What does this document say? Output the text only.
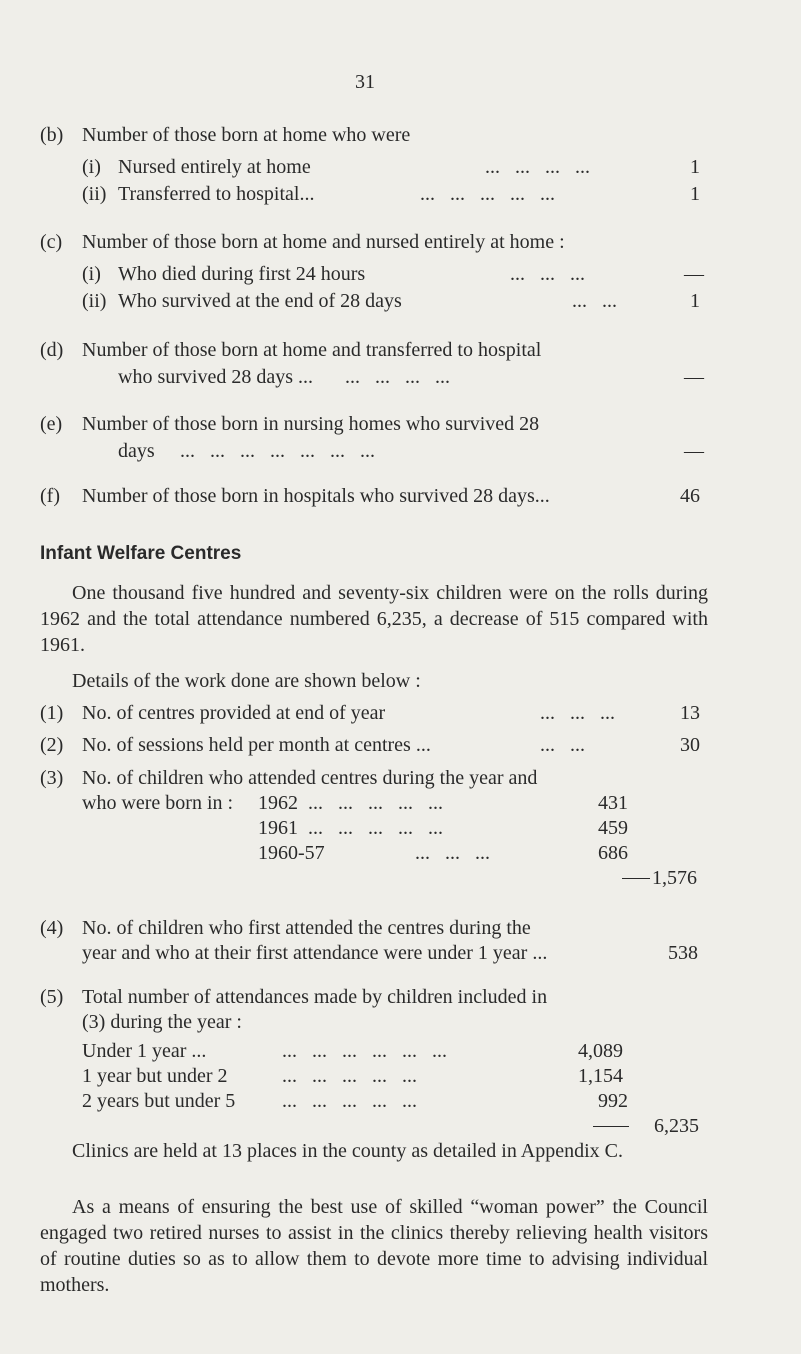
31
(b) Number of those born at home who were
(i) Nursed entirely at home	...   ...   ...   ...	1
(ii) Transferred to hospital...	...   ...   ...   ...   ...	1
(c) Number of those born at home and nursed entirely at home :
(i) Who died during first 24 hours	...   ...   ...	—
(ii) Who survived at the end of 28 days	...   ...	1
(d) Number of those born at home and transferred to hospital
who survived 28 days ... ...   ...   ...   ...	—
(e) Number of those born in nursing homes who survived 28
days ...   ...   ...   ...   ...   ...   ...	—
(f) Number of those born in hospitals who survived 28 days...	46
Infant Welfare Centres
One thousand five hundred and seventy-six children were on the rolls during 1962 and the total attendance numbered 6,235, a decrease of 515 compared with 1961.
Details of the work done are shown below :
(1) No. of centres provided at end of year	...   ...   ...	13
(2) No. of sessions held per month at centres ...	...   ...	30
(3) No. of children who attended centres during the year and
who were born in : 1962 ...   ...   ...   ...   ...	431
1961 ...   ...   ...   ...   ...	459
1960-57	...   ...   ...	686
1,576
(4) No. of children who first attended the centres during the
year and who at their first attendance were under 1 year ...	538
(5) Total number of attendances made by children included in
(3) during the year :
Under 1 year ...	...   ...   ...   ...   ...   ...	4,089
1 year but under 2	...   ...   ...   ...   ...	1,154
2 years but under 5 ...   ...   ...   ...   ...	992
6,235
Clinics are held at 13 places in the county as detailed in Appendix C.
As a means of ensuring the best use of skilled “woman power” the Council engaged two retired nurses to assist in the clinics thereby relieving health visitors of routine duties so as to allow them to devote more time to advising individual mothers.
